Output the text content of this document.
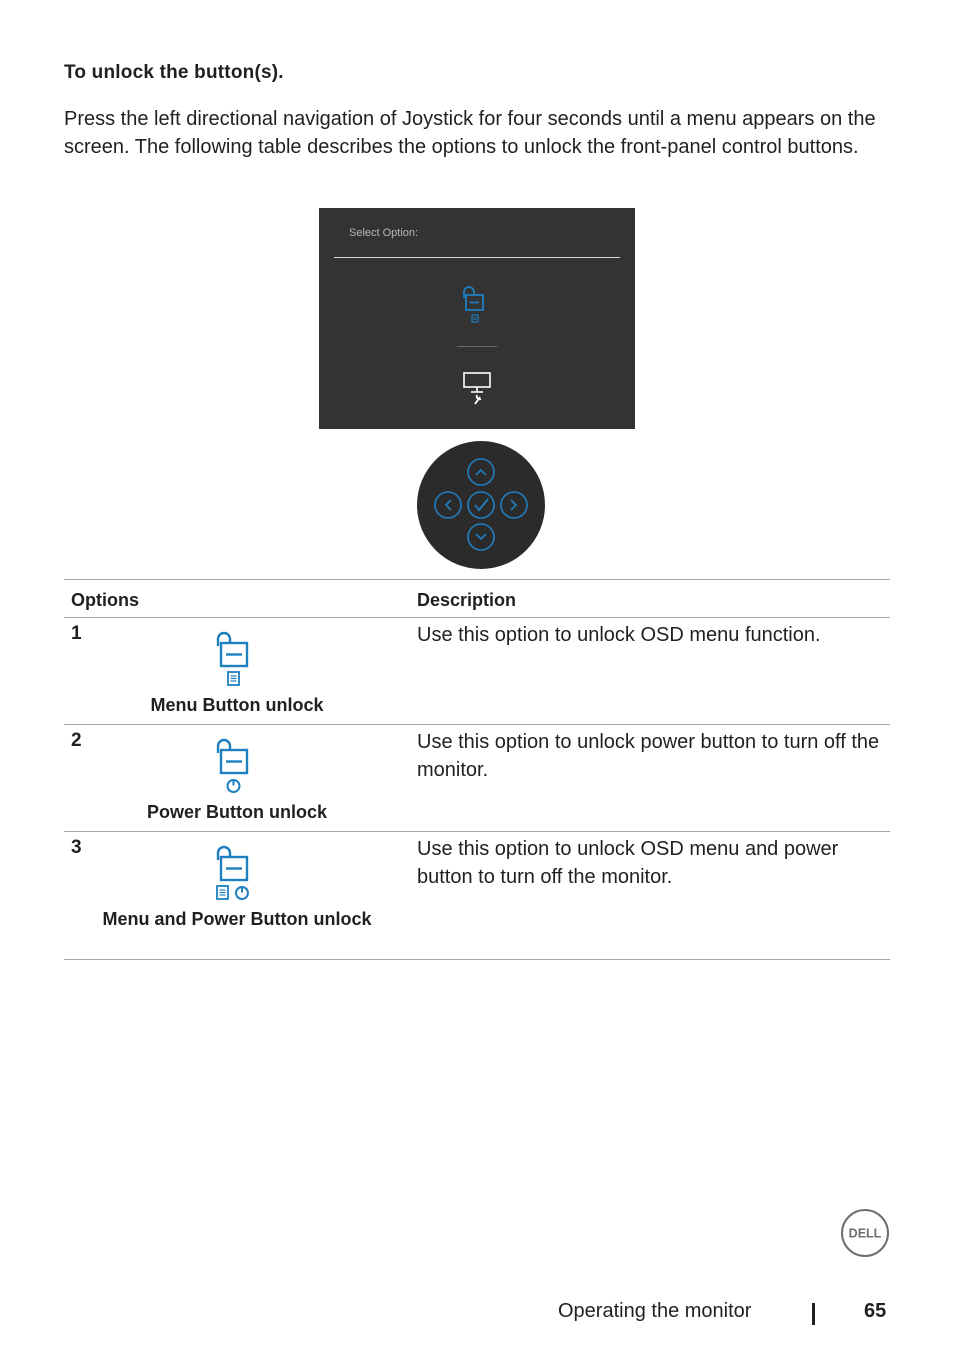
To unlock the button(s).

Press the left directional navigation of Joystick for four seconds until a menu appears on the screen. The following table describes the options to unlock the front-panel control buttons.

Select Option:
Options	Description

1
Menu Button unlock	Use this option to unlock OSD menu function.

2
Power Button unlock	Use this option to unlock power button to turn off the monitor.

3
Menu and Power Button unlock	Use this option to unlock OSD menu and power button to turn off the monitor.
DELL
Operating the monitor	65
